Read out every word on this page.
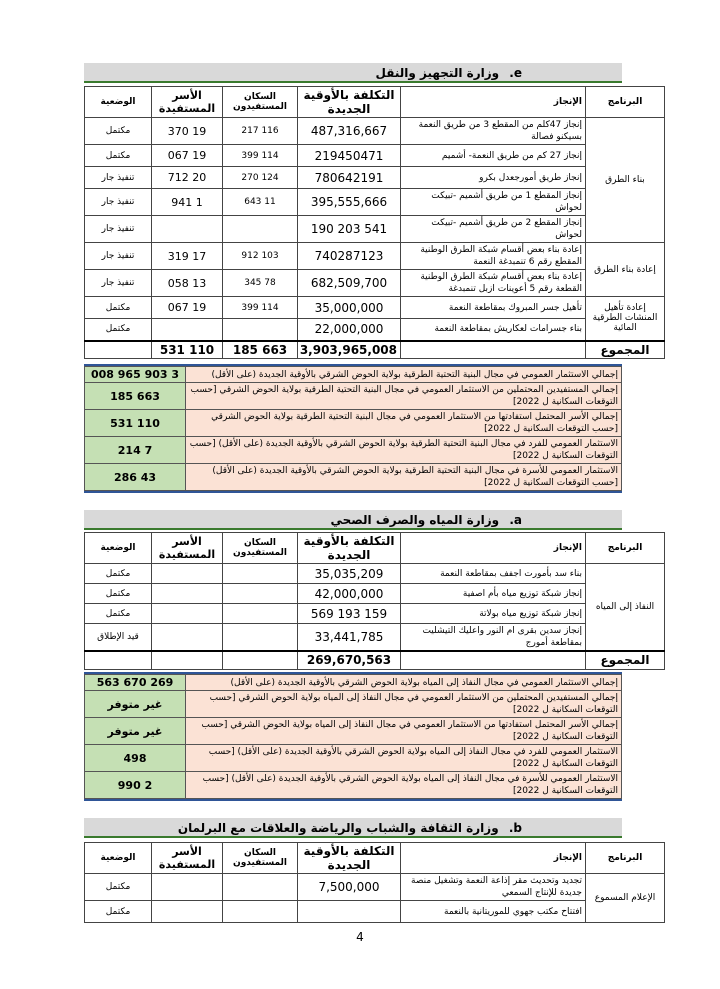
e. وزارة التجهيز والنقل
البرنامج	الإنجاز	التكلفة بالأوقية الجديدة	السكان المستفيدون	الأسر المستفيدة	الوضعية
بناء الطرق	إنجاز 47كلم من المقطع 3 من طريق النعمة بسيكنو فصالة	487,316,667	116 217	19 370	مكتمل
	إنجاز 27 كم من طريق النعمة- أشميم	219450471	114 399	19 067	مكتمل
	إنجاز طريق أمورجعدل بكرو	780642191	124 270	20 712	تنفيذ جار
	إنجاز المقطع 1 من طريق أشميم -تبيكت لحواش	395,555,666	11 643	1 941	تنفيذ جار
	إنجاز المقطع 2 من طريق أشميم -تبيكت لحواش	541 203 190			تنفيذ جار
إعادة بناء الطرق	إعادة بناء بعض أقسام شبكة الطرق الوطنية المقطع رقم 6 تنمبدغة النعمة	740287123	103 912	17 319	تنفيذ جار
	إعادة بناء بعض أقسام شبكة الطرق الوطنية القطعة رقم 5 أعوينات ازبل تنمبدغة	682,509,700	78 345	13 058	تنفيذ جار
إعادة تأهيل المنشات الطرقية المائية	تأهيل جسر المبروك بمقاطعة النعمة	35,000,000	114 399	19 067	مكتمل
	بناء جسرامات لعكاريش بمقاطعة النعمة	22,000,000			مكتمل
المجموع		3,903,965,008	663 185	110 531	
إجمالي الاستثمار العمومي في مجال البنية التحتية الطرقية بولاية الحوض الشرقي بالأوقية الجديدة (على الأقل)	3 903 965 008
إجمالي المستفيدين المحتملين من الاستثمار العمومي في مجال البنية التحتية الطرقية بولاية الحوض الشرقي [حسب التوقعات السكانية ل 2022]	663 185
إجمالي الأسر المحتمل استفادتها من الاستثمار العمومي في مجال البنية التحتية الطرقية بولاية الحوض الشرقي [حسب التوقعات السكانية ل 2022]	110 531
الاستثمار العمومي للفرد في مجال البنية التحتية الطرقية بولاية الحوض الشرقي بالأوقية الجديدة (على الأقل) [حسب التوقعات السكانية ل 2022]	7 214
الاستثمار العمومي للأسرة في مجال البنية التحتية الطرقية بولاية الحوض الشرقي بالأوقية الجديدة (على الأقل) [حسب التوقعات السكانية ل 2022]	43 286
a. وزارة المياه والصرف الصحي
البرنامج	الإنجاز	التكلفة بالأوقية الجديدة	السكان المستفيدون	الأسر المستفيدة	الوضعية
النفاذ إلى المياه	بناء سد بأمورت اجفف بمقاطعة النعمة	35,035,209			مكتمل
	إنجاز شبكة توزيع مياه بأم اصفية	42,000,000			مكتمل
	إنجاز شبكة توزيع مياه بولاتة	159 193 569			مكتمل
	إنجاز سدين بقرى ام النور واعليك التيشليت بمقاطعة أمورج	33,441,785			قيد الإطلاق
المجموع		269,670,563			
إجمالي الاستثمار العمومي في مجال النفاذ إلى المياه بولاية الحوض الشرقي بالأوقية الجديدة (على الأقل)	269 670 563
إجمالي المستفيدين المحتملين من الاستثمار العمومي في مجال النفاذ إلى المياه بولاية الحوض الشرقي [حسب التوقعات السكانية ل 2022]	غير متوفر
إجمالي الأسر المحتمل استفادتها من الاستثمار العمومي في مجال النفاذ إلى المياه بولاية الحوض الشرقي [حسب التوقعات السكانية ل 2022]	غير متوفر
الاستثمار العمومي للفرد في مجال النفاذ إلى المياه بولاية الحوض الشرقي بالأوقية الجديدة (على الأقل) [حسب التوقعات السكانية ل 2022]	498
الاستثمار العمومي للأسرة في مجال النفاذ إلى المياه بولاية الحوض الشرقي بالأوقية الجديدة (على الأقل) [حسب التوقعات السكانية ل 2022]	2 990
b. وزارة الثقافة والشباب والرياضة والعلاقات مع البرلمان
البرنامج	الإنجاز	التكلفة بالأوقية الجديدة	السكان المستفيدون	الأسر المستفيدة	الوضعية
الإعلام المسموع	تجديد وتحديث مقر إذاعة النعمة وتشغيل منصة جديدة للإنتاج السمعي	7,500,000			مكتمل
	افتتاح مكتب جهوي للموريتانية بالنعمة				مكتمل
4
